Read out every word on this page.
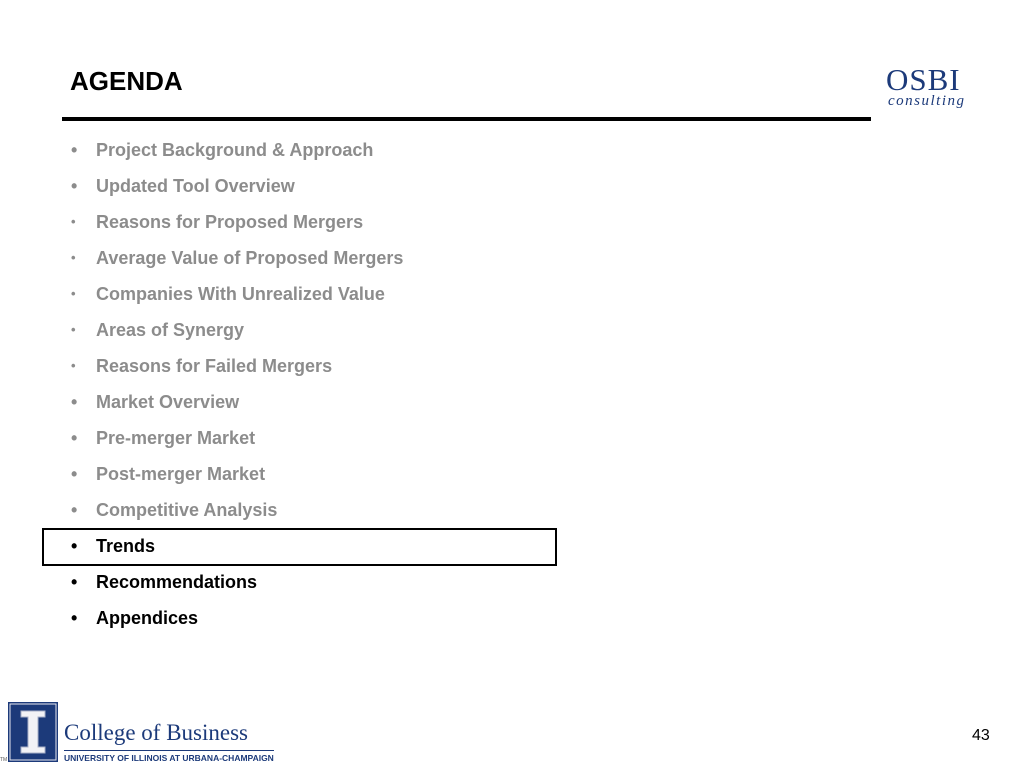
AGENDA	OSBI
consulting
• Project Background & Approach
• Updated Tool Overview
• Reasons for Proposed Mergers
• Average Value of Proposed Mergers
• Companies With Unrealized Value
• Areas of Synergy
• Reasons for Failed Mergers
• Market Overview
• Pre-merger Market
• Post-merger Market
• Competitive Analysis
• Trends
• Recommendations
• Appendices
TM
College of Business
UNIVERSITY OF ILLINOIS AT URBANA-CHAMPAIGN
43
